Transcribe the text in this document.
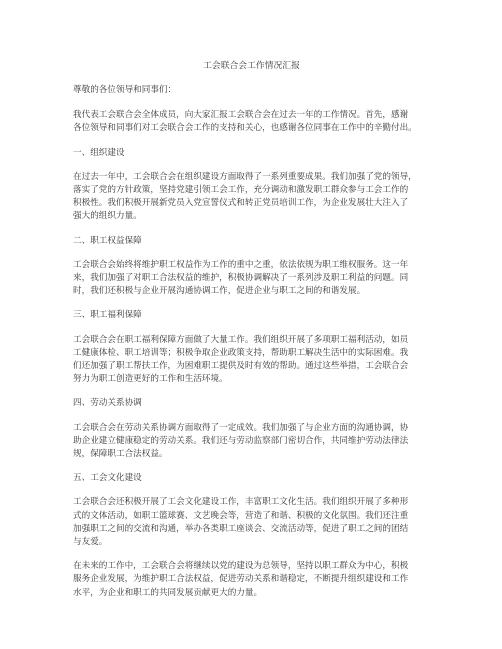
工会联合会工作情况汇报
尊敬的各位领导和同事们：
我代表工会联合会全体成员，向大家汇报工会联合会在过去一年的工作情况。首先，感谢
各位领导和同事们对工会联合会工作的支持和关心，也感谢各位同事在工作中的辛勤付出。
一、组织建设
在过去一年中，工会联合会在组织建设方面取得了一系列重要成果。我们加强了党的领导，
落实了党的方针政策，坚持党建引领工会工作，充分调动和激发职工群众参与工会工作的
积极性。我们积极开展新党员入党宣誓仪式和转正党员培训工作，为企业发展壮大注入了
强大的组织力量。
二、职工权益保障
工会联合会始终将维护职工权益作为工作的重中之重，依法依规为职工维权服务。这一年
来，我们加强了对职工合法权益的维护，积极协调解决了一系列涉及职工利益的问题。同
时，我们还积极与企业开展沟通协调工作，促进企业与职工之间的和谐发展。
三、职工福利保障
工会联合会在职工福利保障方面做了大量工作。我们组织开展了多项职工福利活动，如员
工健康体检、职工培训等；积极争取企业政策支持，帮助职工解决生活中的实际困难。我
们还加强了职工帮扶工作，为困难职工提供及时有效的帮助。通过这些举措，工会联合会
努力为职工创造更好的工作和生活环境。
四、劳动关系协调
工会联合会在劳动关系协调方面取得了一定成效。我们加强了与企业方面的沟通协调，协
助企业建立健康稳定的劳动关系。我们还与劳动监察部门密切合作，共同维护劳动法律法
规，保障职工合法权益。
五、工会文化建设
工会联合会还积极开展了工会文化建设工作，丰富职工文化生活。我们组织开展了多种形
式的文体活动，如职工篮球赛、文艺晚会等，营造了和谐、积极的文化氛围。我们还注重
加强职工之间的交流和沟通，举办各类职工座谈会、交流活动等，促进了职工之间的团结
与友爱。
在未来的工作中，工会联合会将继续以党的建设为总领导，坚持以职工群众为中心，积极
服务企业发展，为维护职工合法权益，促进劳动关系和谐稳定，不断提升组织建设和工作
水平，为企业和职工的共同发展贡献更大的力量。
